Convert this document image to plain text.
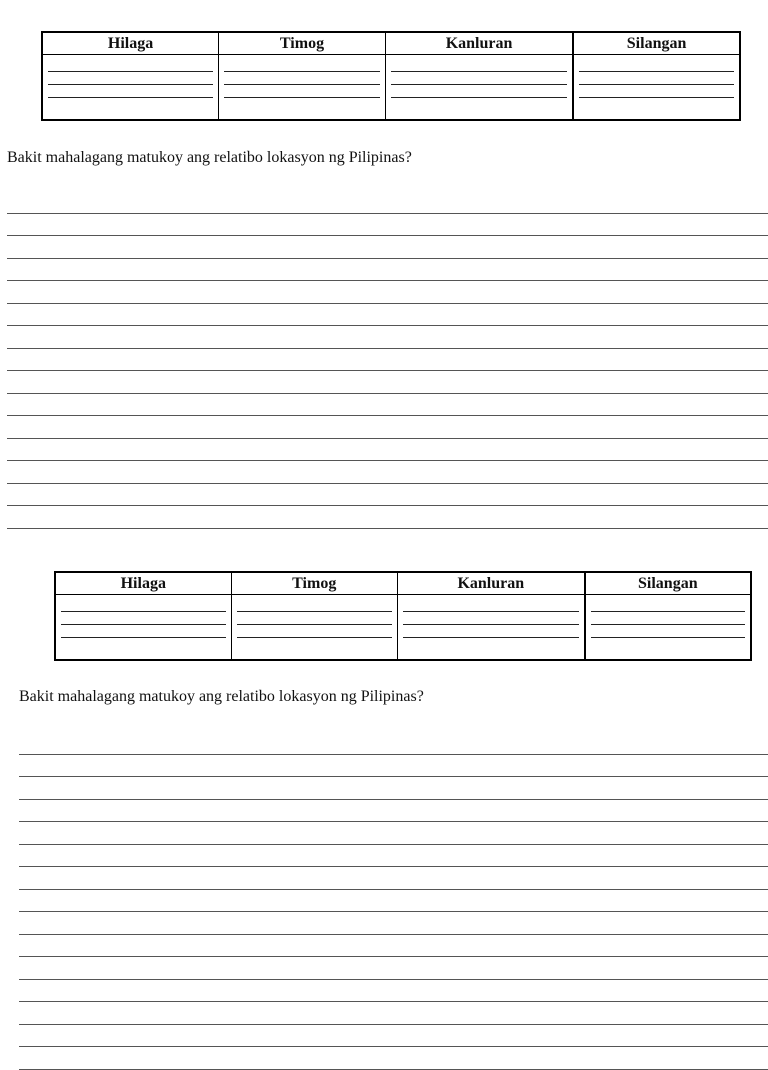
Hilaga	Timog	Kanluran	Silangan

Bakit mahalagang matukoy ang relatibo lokasyon ng Pilipinas?
Hilaga	Timog	Kanluran	Silangan

Bakit mahalagang matukoy ang relatibo lokasyon ng Pilipinas?
